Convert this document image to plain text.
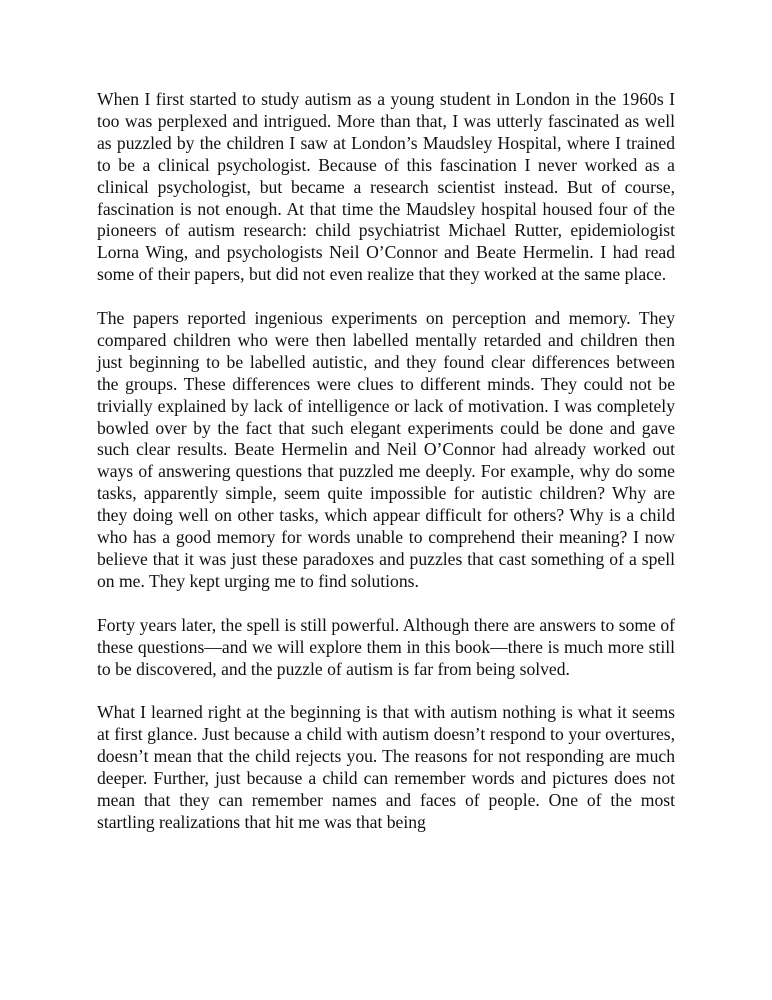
When I first started to study autism as a young student in London in the 1960s I too was perplexed and intrigued. More than that, I was utterly fascinated as well as puzzled by the children I saw at London’s Maudsley Hospital, where I trained to be a clinical psychologist. Because of this fascination I never worked as a clinical psychologist, but became a research scientist instead. But of course, fascination is not enough. At that time the Maudsley hospital housed four of the pioneers of autism research: child psychiatrist Michael Rutter, epidemiologist Lorna Wing, and psychologists Neil O’Connor and Beate Hermelin. I had read some of their papers, but did not even realize that they worked at the same place.

The papers reported ingenious experiments on perception and memory. They compared children who were then labelled mentally retarded and children then just beginning to be labelled autistic, and they found clear differences between the groups. These differences were clues to different minds. They could not be trivially explained by lack of intelligence or lack of motivation. I was completely bowled over by the fact that such elegant experiments could be done and gave such clear results. Beate Hermelin and Neil O’Connor had already worked out ways of answering questions that puzzled me deeply. For example, why do some tasks, apparently simple, seem quite impossible for autistic children? Why are they doing well on other tasks, which appear difficult for others? Why is a child who has a good memory for words unable to comprehend their meaning? I now believe that it was just these paradoxes and puzzles that cast something of a spell on me. They kept urging me to find solutions.

Forty years later, the spell is still powerful. Although there are answers to some of these questions—and we will explore them in this book—there is much more still to be discovered, and the puzzle of autism is far from being solved.

What I learned right at the beginning is that with autism nothing is what it seems at first glance. Just because a child with autism doesn’t respond to your overtures, doesn’t mean that the child rejects you. The reasons for not responding are much deeper. Further, just because a child can remember words and pictures does not mean that they can remember names and faces of people. One of the most startling realizations that hit me was that being
